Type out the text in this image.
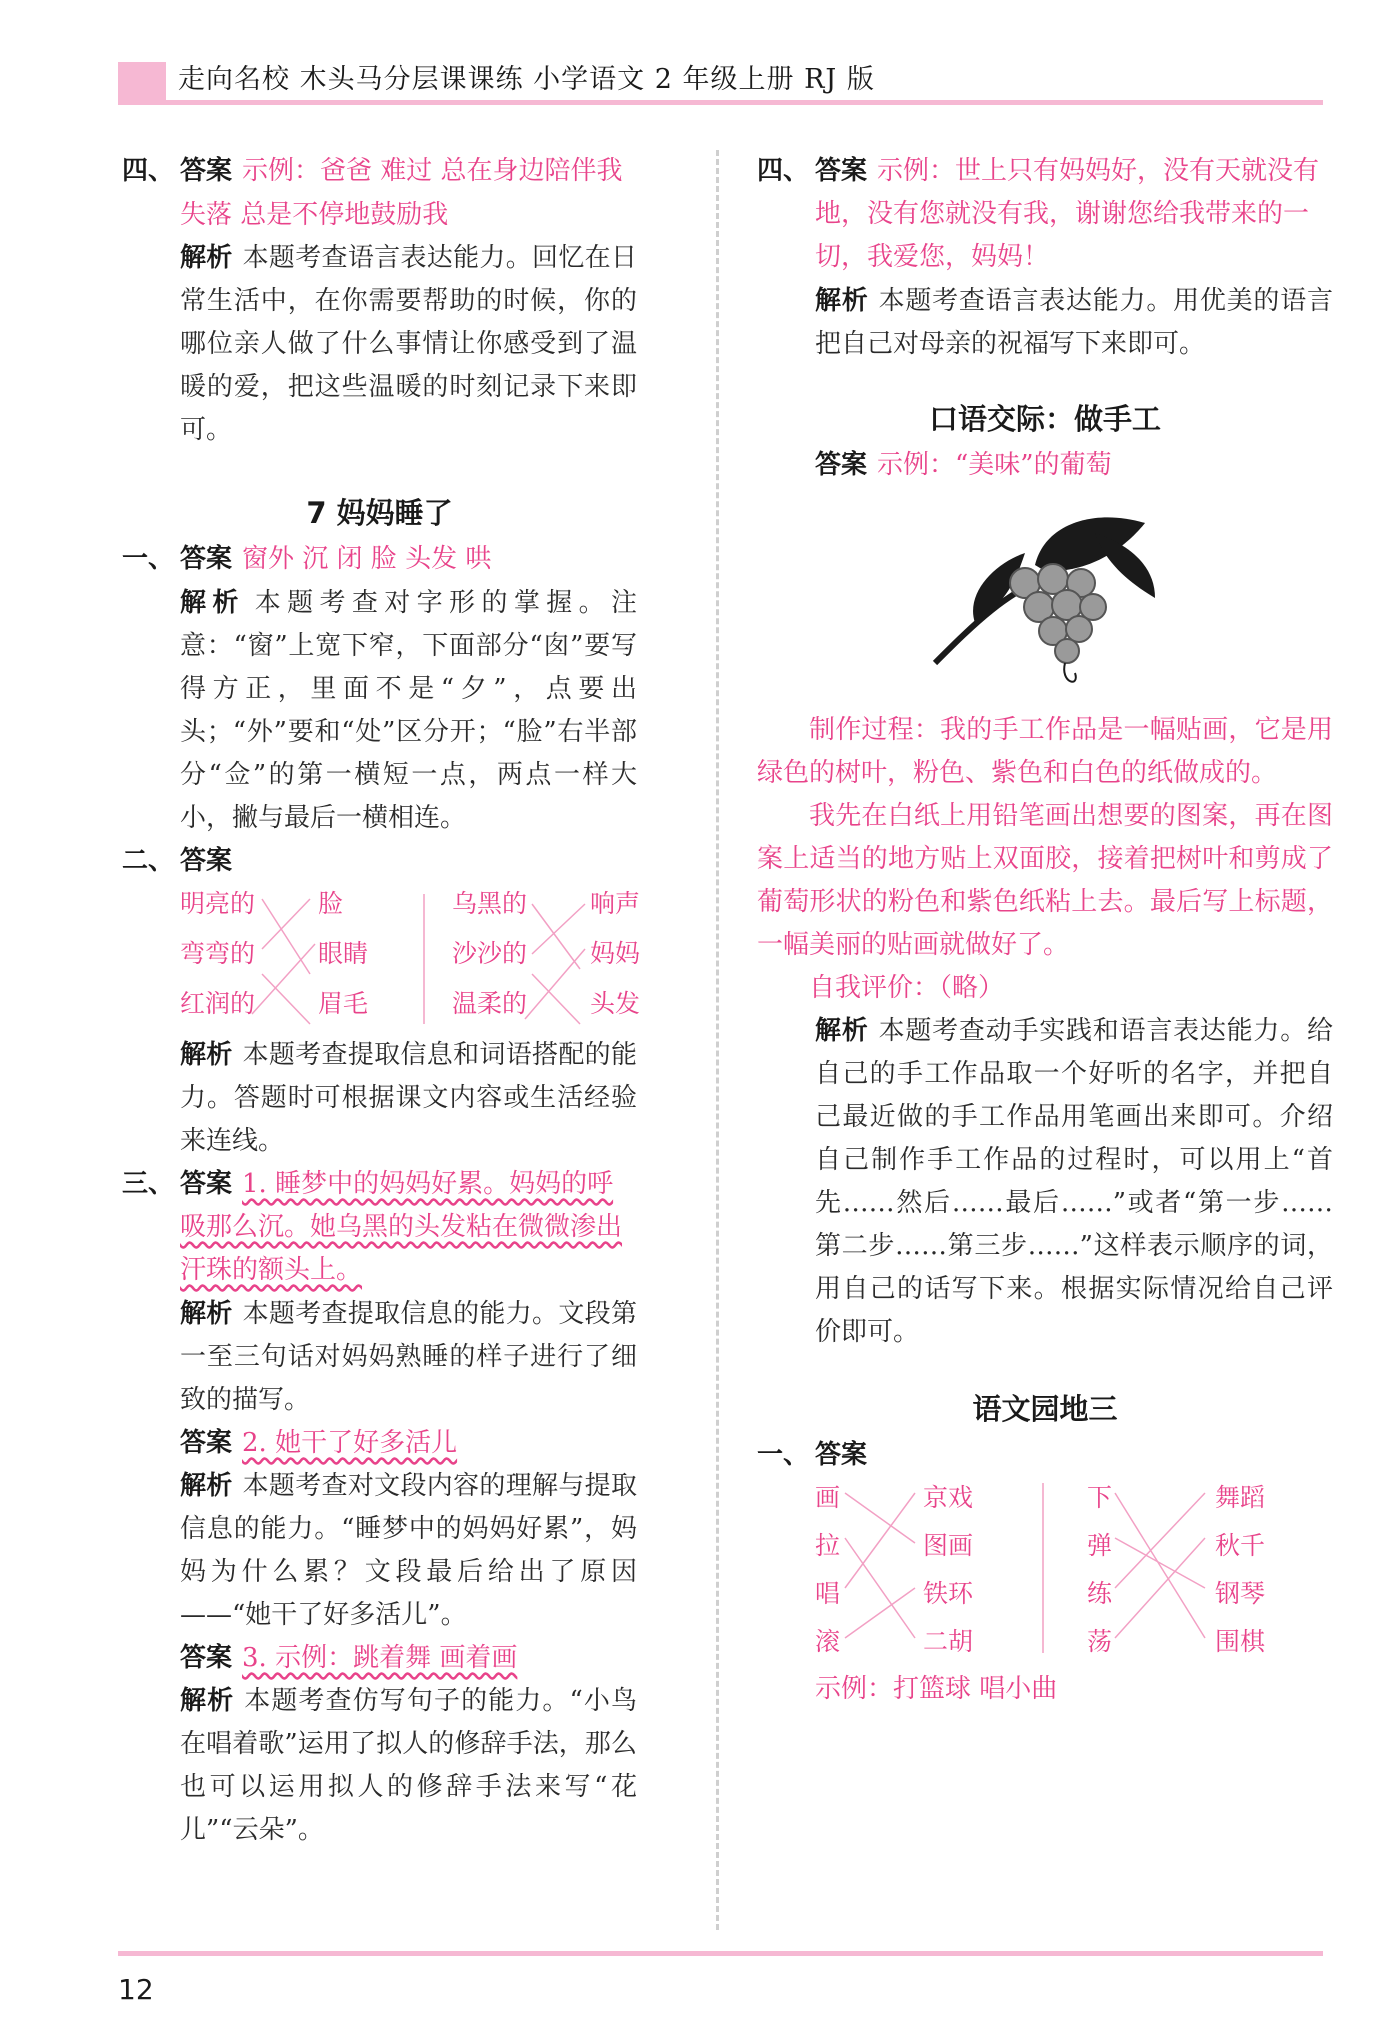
走向名校 木头马分层课课练 小学语文 2 年级上册 RJ 版
四、 答案 示例：爸爸 难过 总在身边陪伴我
失落 总是不停地鼓励我
解析 本题考查语言表达能力。回忆在日常生活中，在你需要帮助的时候，你的哪位亲人做了什么事情让你感受到了温暖的爱，把这些温暖的时刻记录下来即可。
7 妈妈睡了
一、 答案 窗外 沉 闭 脸 头发 哄
解析 本题考查对字形的掌握。注意：“窗”上宽下窄，下面部分“囱”要写得方正，里面不是“夕”，点要出头；“外”要和“处”区分开；“脸”右半部分“佥”的第一横短一点，两点一样大小，撇与最后一横相连。
二、 答案
明亮的
弯弯的
红润的
脸
眼睛
眉毛
乌黑的
沙沙的
温柔的
响声
妈妈
头发
解析 本题考查提取信息和词语搭配的能力。答题时可根据课文内容或生活经验来连线。
三、 答案 1. 睡梦中的妈妈好累。妈妈的呼吸那么沉。她乌黑的头发粘在微微渗出汗珠的额头上。
解析 本题考查提取信息的能力。文段第一至三句话对妈妈熟睡的样子进行了细致的描写。
答案 2. 她干了好多活儿
解析 本题考查对文段内容的理解与提取信息的能力。“睡梦中的妈妈好累”，妈妈为什么累？文段最后给出了原因——“她干了好多活儿”。
答案 3. 示例：跳着舞 画着画
解析 本题考查仿写句子的能力。“小鸟在唱着歌”运用了拟人的修辞手法，那么也可以运用拟人的修辞手法来写“花儿”“云朵”。
四、 答案 示例：世上只有妈妈好，没有天就没有地，没有您就没有我，谢谢您给我带来的一切，我爱您，妈妈！
解析 本题考查语言表达能力。用优美的语言把自己对母亲的祝福写下来即可。
口语交际：做手工
答案 示例：“美味”的葡萄
制作过程：我的手工作品是一幅贴画，它是用绿色的树叶，粉色、紫色和白色的纸做成的。
我先在白纸上用铅笔画出想要的图案，再在图案上适当的地方贴上双面胶，接着把树叶和剪成了葡萄形状的粉色和紫色纸粘上去。最后写上标题，一幅美丽的贴画就做好了。
自我评价：（略）
解析 本题考查动手实践和语言表达能力。给自己的手工作品取一个好听的名字，并把自己最近做的手工作品用笔画出来即可。介绍自己制作手工作品的过程时，可以用上“首先……然后……最后……”或者“第一步……第二步……第三步……”这样表示顺序的词，用自己的话写下来。根据实际情况给自己评价即可。
语文园地三
一、 答案
画
拉
唱
滚
京戏
图画
铁环
二胡
下
弹
练
荡
舞蹈
秋千
钢琴
围棋
示例：打篮球 唱小曲
12
